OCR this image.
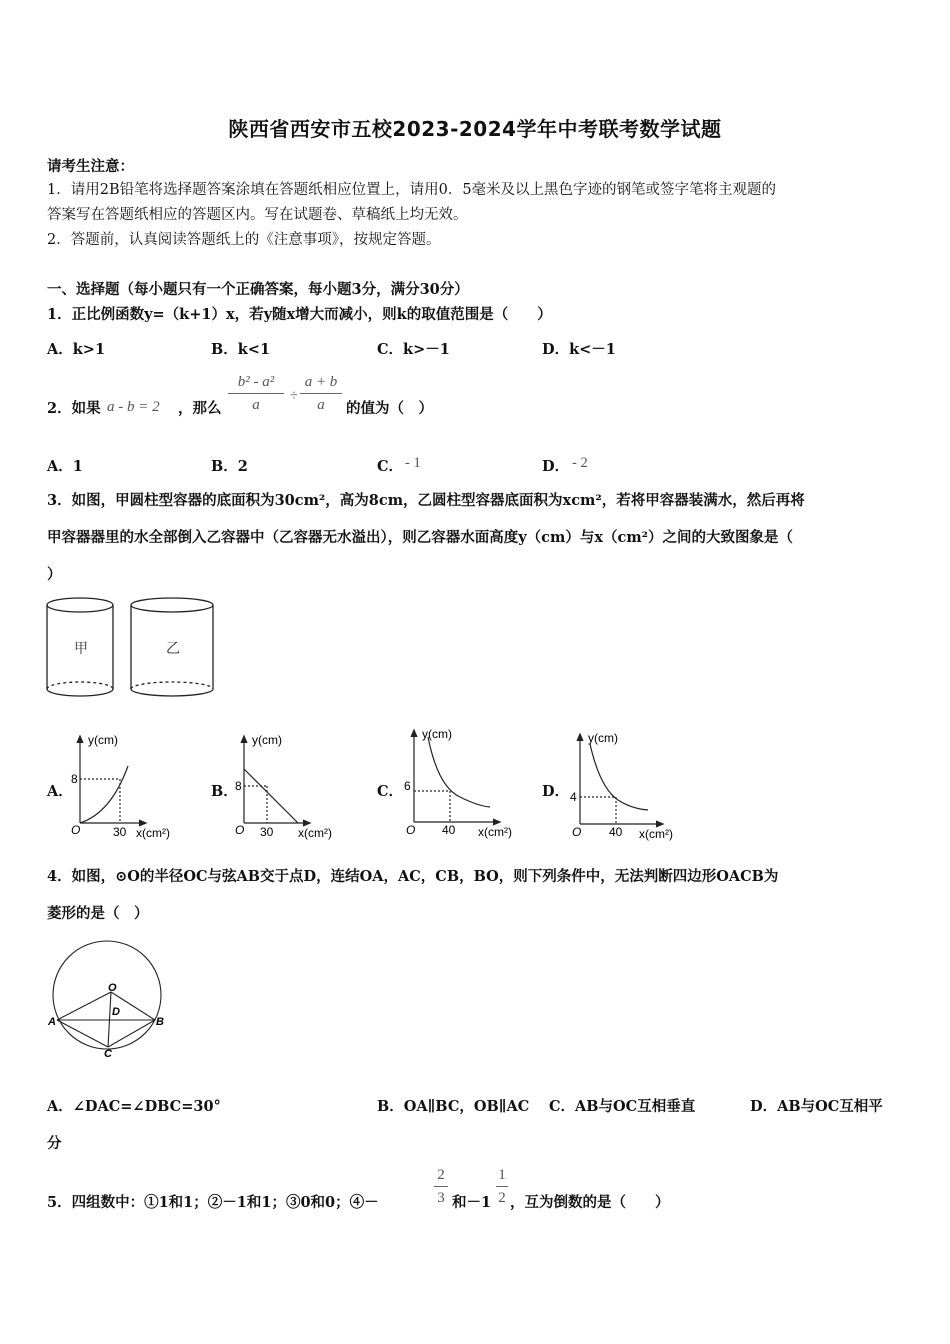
陕西省西安市五校2023-2024学年中考联考数学试题
请考生注意：
1．请用2B铅笔将选择题答案涂填在答题纸相应位置上，请用0．5毫米及以上黑色字迹的钢笔或签字笔将主观题的
答案写在答题纸相应的答题区内。写在试题卷、草稿纸上均无效。
2．答题前，认真阅读答题纸上的《注意事项》，按规定答题。
一、选择题（每小题只有一个正确答案，每小题3分，满分30分）
1．正比例函数y=（k+1）x，若y随x增大而减小，则k的取值范围是（　　）
A．k>1	B．k<1	C．k>－1	D．k<－1
2．如果 a - b = 2 ，那么
b² - a²
a
÷
a + b
a	的值为（　）
A．1	B．2	C． - 1	D． - 2
3．如图，甲圆柱型容器的底面积为30cm²，高为8cm，乙圆柱型容器底面积为xcm²，若将甲容器装满水，然后再将
甲容器器里的水全部倒入乙容器中（乙容器无水溢出），则乙容器水面高度y（cm）与x（cm²）之间的大致图象是（
）
甲	乙
A．
y(cm)
x(cm²)
O
8
30
B．
y(cm)
x(cm²)
O
8
30
C．
y(cm)
x(cm²)
O
6
40
D．
y(cm)
x(cm²)
O
4
40
4．如图，⊙O的半径OC与弦AB交于点D，连结OA，AC，CB，BO，则下列条件中，无法判断四边形OACB为
菱形的是（　）
O
A	B
C
D
A．∠DAC=∠DBC=30°	B．OA∥BC，OB∥AC C．AB与OC互相垂直	D．AB与OC互相平
分
5．四组数中：①1和1；②－1和1；③0和0；④－
2
3 和－1
1
2 ，互为倒数的是（　　）
